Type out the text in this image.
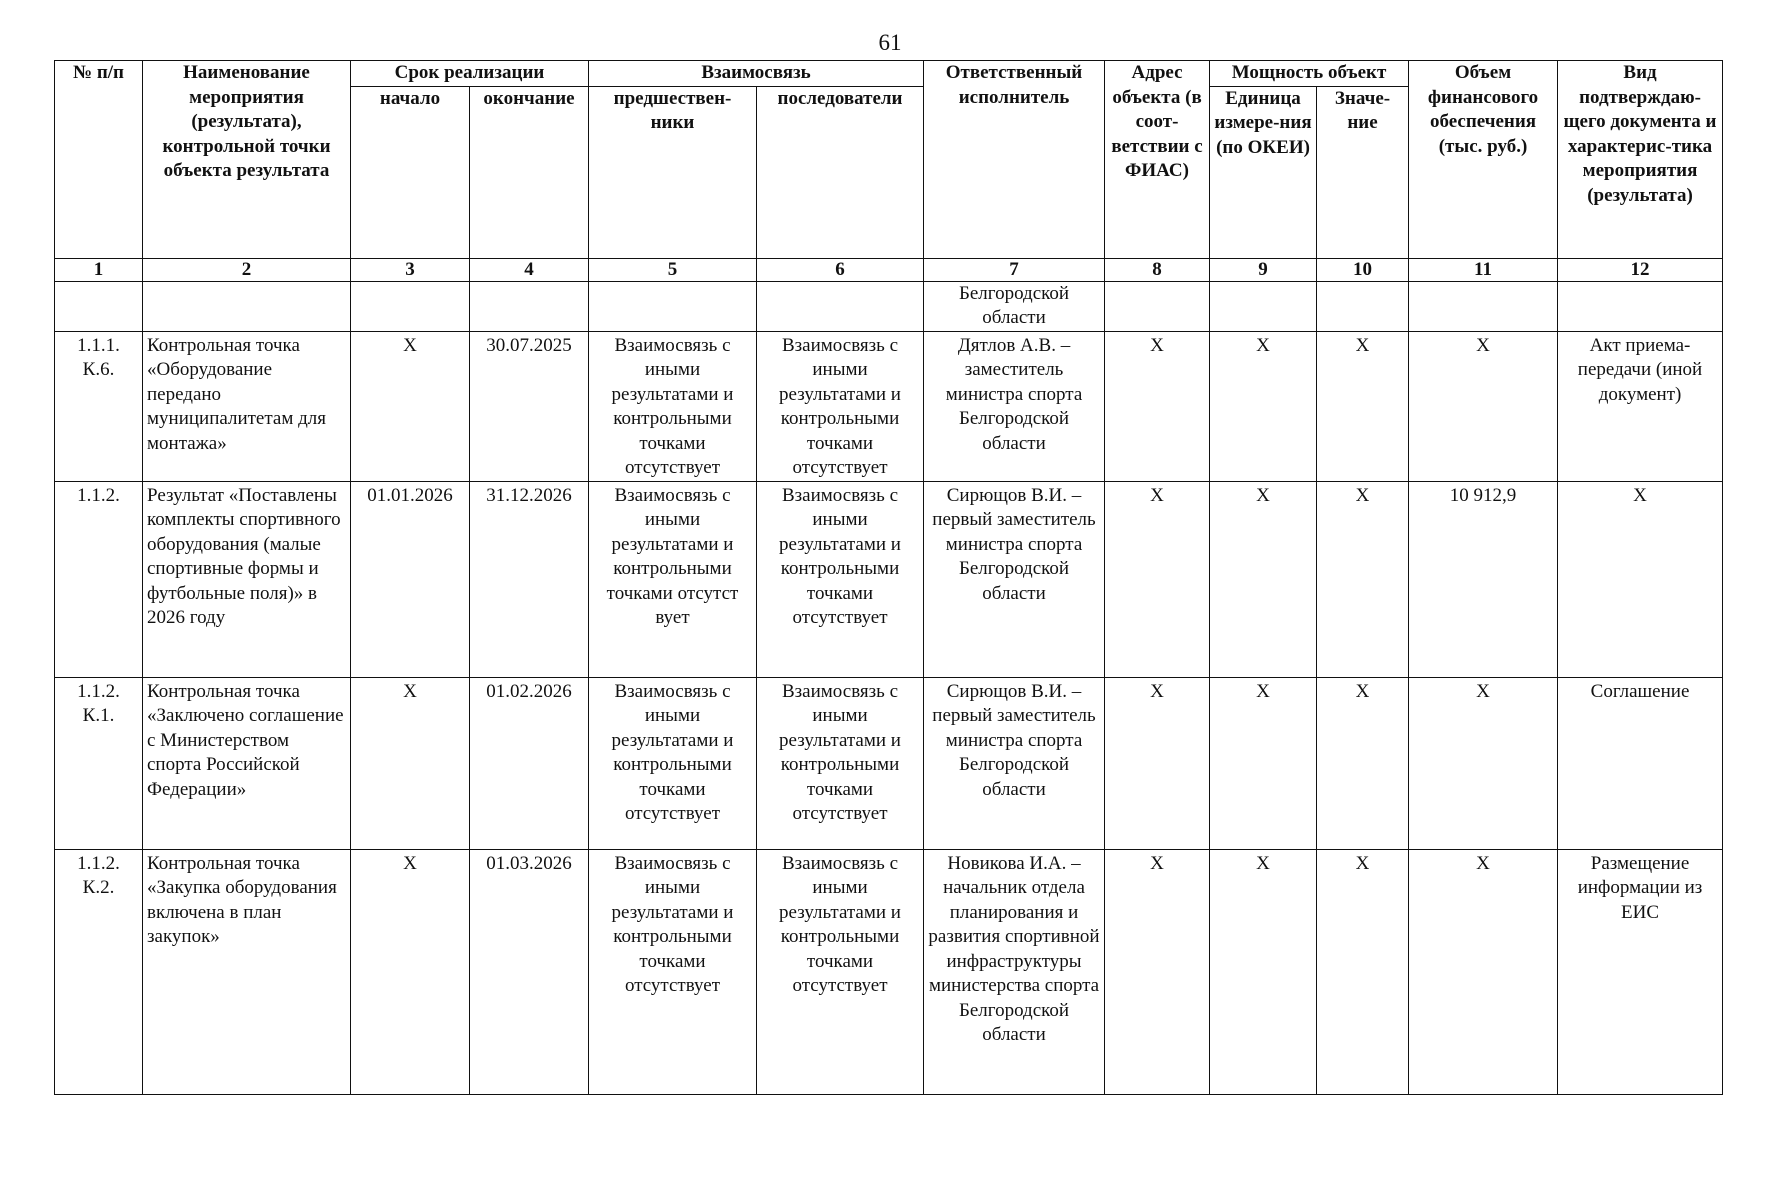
61
№ п/п	Наименование мероприятия (результата), контрольной точки объекта результата	Срок реализации		Взаимосвязь		Ответственный исполнитель	Адрес объекта (в соот-ветствии с ФИАС)	Мощность объект		Объем финансового обеспечения (тыс. руб.)	Вид подтверждаю-щего документа и характерис-тика мероприятия (результата)
		начало	окончание	предшествен-ники	последователи			Единица измере-ния (по ОКЕИ)	Значе-ние		
1	2	3	4	5	6	7	8	9	10	11	12
						Белгородской области					
1.1.1. К.6.	Контрольная точка «Оборудование передано муниципалитетам для монтажа»	X	30.07.2025	Взаимосвязь с иными результатами и контрольными точками отсутствует	Взаимосвязь с иными результатами и контрольными точками отсутствует	Дятлов А.В. – заместитель министра спорта Белгородской области	X	X	X	X	Акт приема-передачи (иной документ)
1.1.2.	Результат «Поставлены комплекты спортивного оборудования (малые спортивные формы и футбольные поля)» в 2026 году	01.01.2026	31.12.2026	Взаимосвязь с иными результатами и контрольными точками отсутст вует	Взаимосвязь с иными результатами и контрольными точками отсутствует	Сирющов В.И. – первый заместитель министра спорта Белгородской области	X	X	X	10 912,9	X
1.1.2. К.1.	Контрольная точка «Заключено соглашение с Министерством спорта Российской Федерации»	X	01.02.2026	Взаимосвязь с иными результатами и контрольными точками отсутствует	Взаимосвязь с иными результатами и контрольными точками отсутствует	Сирющов В.И. – первый заместитель министра спорта Белгородской области	X	X	X	X	Соглашение
1.1.2. К.2.	Контрольная точка «Закупка оборудования включена в план закупок»	X	01.03.2026	Взаимосвязь с иными результатами и контрольными точками отсутствует	Взаимосвязь с иными результатами и контрольными точками отсутствует	Новикова И.А. – начальник отдела планирования и развития спортивной инфраструктуры министерства спорта Белгородской области	X	X	X	X	Размещение информации из ЕИС
